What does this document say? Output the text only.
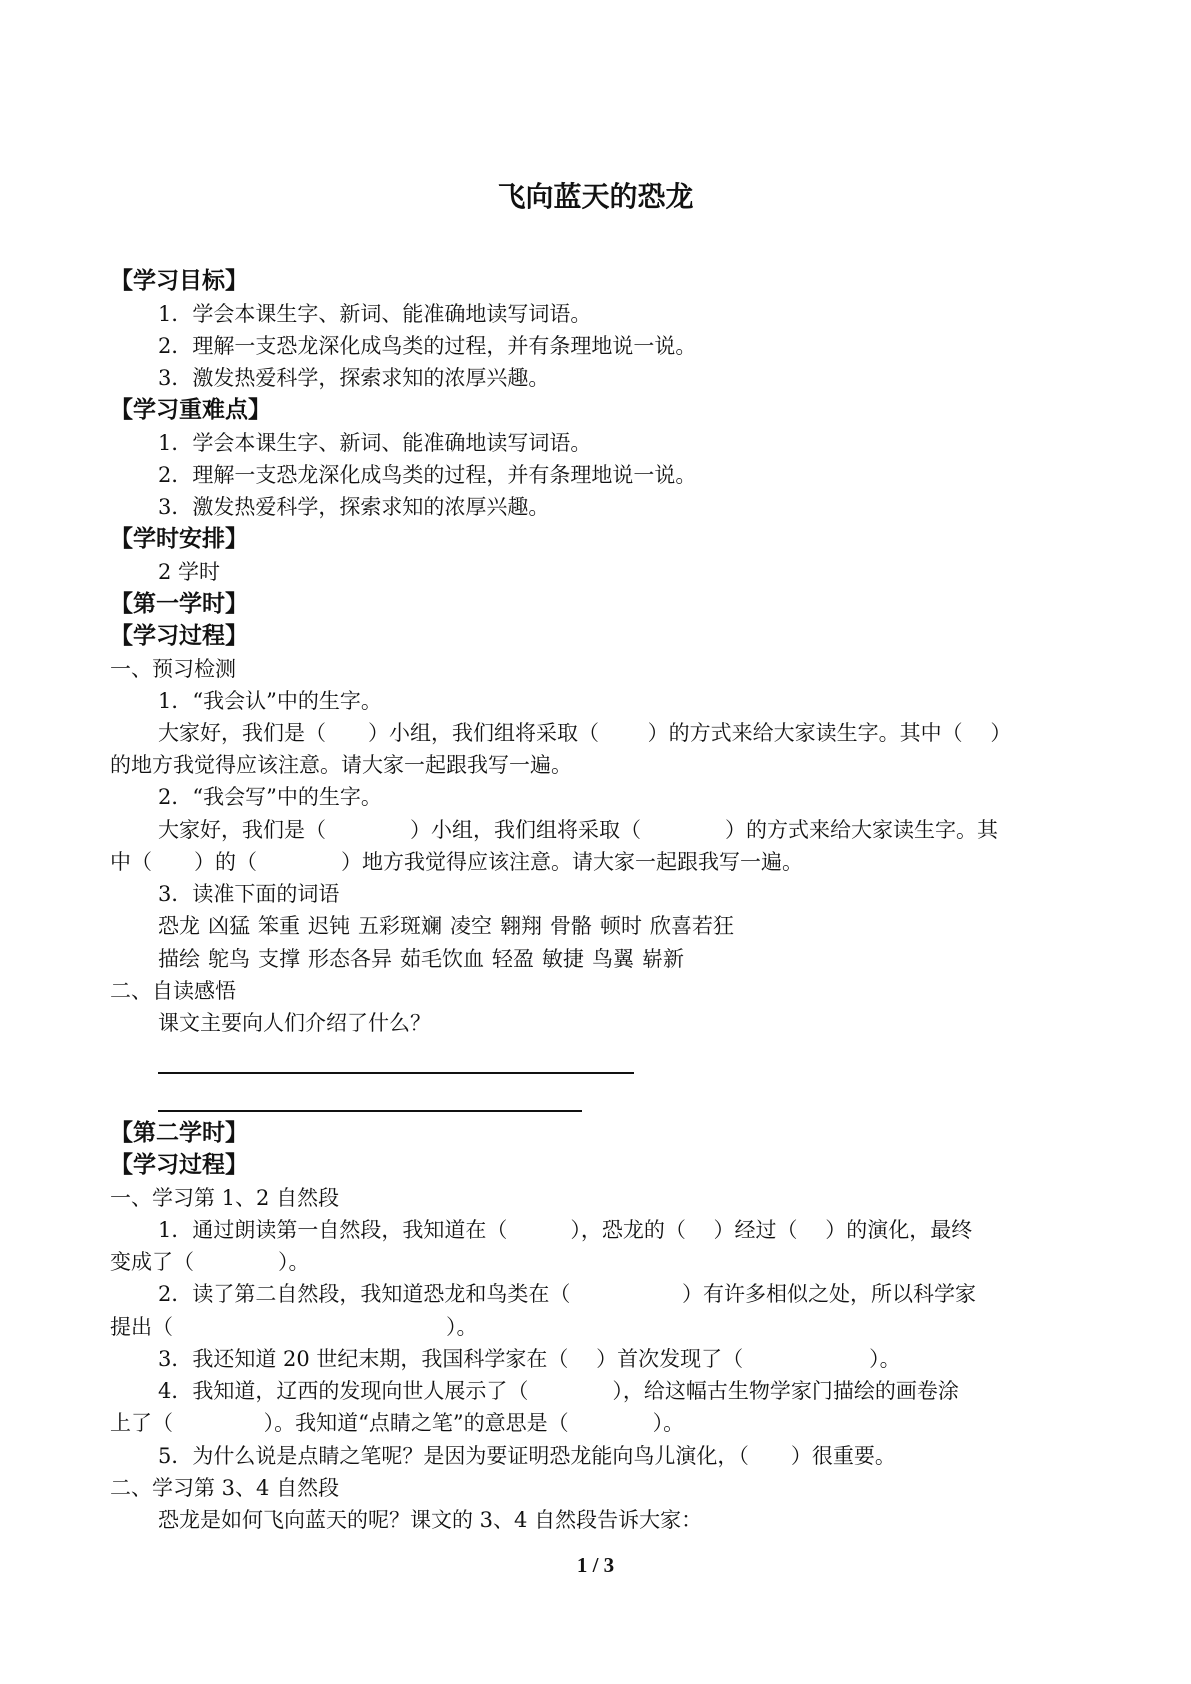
飞向蓝天的恐龙
【学习目标】
1．学会本课生字、新词、能准确地读写词语。
2．理解一支恐龙深化成鸟类的过程，并有条理地说一说。
3．激发热爱科学，探索求知的浓厚兴趣。
【学习重难点】
1．学会本课生字、新词、能准确地读写词语。
2．理解一支恐龙深化成鸟类的过程，并有条理地说一说。
3．激发热爱科学，探索求知的浓厚兴趣。
【学时安排】
2 学时
【第一学时】
【学习过程】
一、预习检测
1．“我会认”中的生字。
大家好，我们是（　　）小组，我们组将采取（　　 ）的方式来给大家读生字。其中（　 ）
的地方我觉得应该注意。请大家一起跟我写一遍。
2．“我会写”中的生字。
大家好，我们是（　　　　）小组，我们组将采取（　　　　）的方式来给大家读生字。其
中（　　）的（　　　　）地方我觉得应该注意。请大家一起跟我写一遍。
3．读准下面的词语
恐龙 凶猛 笨重 迟钝 五彩斑斓 凌空 翱翔 骨骼 顿时 欣喜若狂
描绘 鸵鸟 支撑 形态各异 茹毛饮血 轻盈 敏捷 鸟翼 崭新
二、自读感悟
课文主要向人们介绍了什么？
【第二学时】
【学习过程】
一、学习第 1、2 自然段
1．通过朗读第一自然段，我知道在（　　　），恐龙的（　 ）经过（　 ）的演化，最终
变成了（　　　　）。
2．读了第二自然段，我知道恐龙和鸟类在（　　　　　 ）有许多相似之处，所以科学家
提出（　　　　　　　　　　　　　）。
3．我还知道 20 世纪末期，我国科学家在（　 ）首次发现了（　　　　　　）。
4．我知道，辽西的发现向世人展示了（　　　　），给这幅古生物学家门描绘的画卷涂
上了（　　　　 ）。我知道“点睛之笔”的意思是（　　　　）。
5．为什么说是点睛之笔呢？是因为要证明恐龙能向鸟儿演化，（　　）很重要。
二、学习第 3、4 自然段
恐龙是如何飞向蓝天的呢？课文的 3、4 自然段告诉大家：
1 / 3
